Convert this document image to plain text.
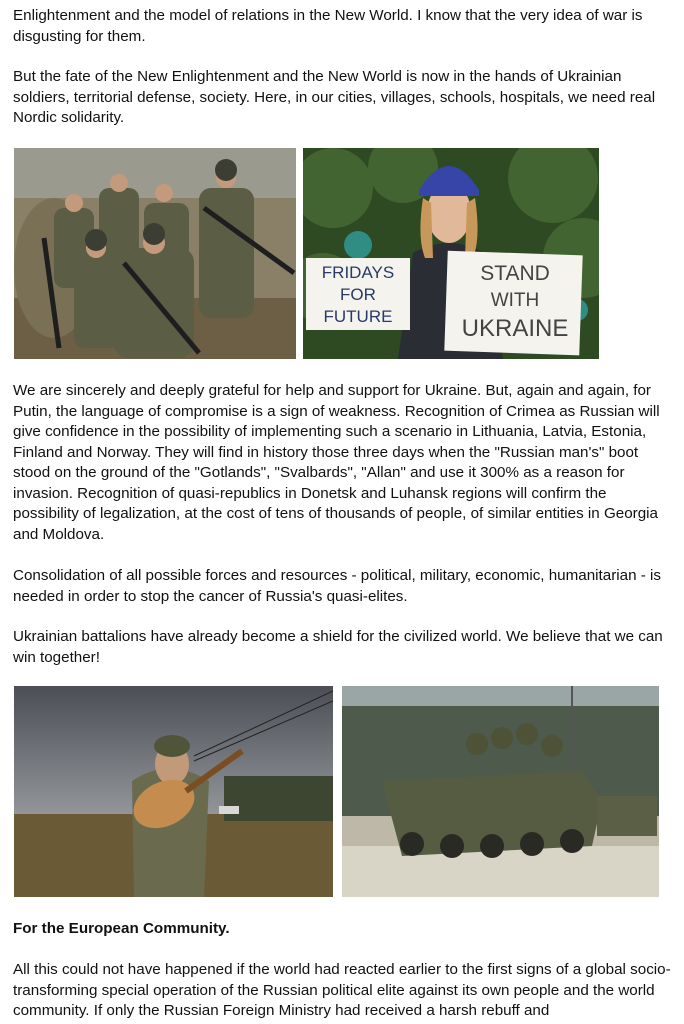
Enlightenment and the model of relations in the New World. I know that the very idea of war is disgusting for them.

But the fate of the New Enlightenment and the New World is now in the hands of Ukrainian soldiers, territorial defense, society. Here, in our cities, villages, schools, hospitals, we need real Nordic solidarity.

FRIDAYS
FOR
FUTURE
STAND
WITH
UKRAINE

We are sincerely and deeply grateful for help and support for Ukraine. But, again and again, for Putin, the language of compromise is a sign of weakness. Recognition of Crimea as Russian will give confidence in the possibility of implementing such a scenario in Lithuania, Latvia, Estonia, Finland and Norway. They will find in history those three days when the "Russian man's" boot stood on the ground of the "Gotlands", "Svalbards", "Allan" and use it 300% as a reason for invasion. Recognition of quasi-republics in Donetsk and Luhansk regions will confirm the possibility of legalization, at the cost of tens of thousands of people, of similar entities in Georgia and Moldova.

Consolidation of all possible forces and resources - political, military, economic, humanitarian - is needed in order to stop the cancer of Russia's quasi-elites.

Ukrainian battalions have already become a shield for the civilized world. We believe that we can win together!

For the European Community.

All this could not have happened if the world had reacted earlier to the first signs of a global socio-transforming special operation of the Russian political elite against its own people and the world community. If only the Russian Foreign Ministry had received a harsh rebuff and
